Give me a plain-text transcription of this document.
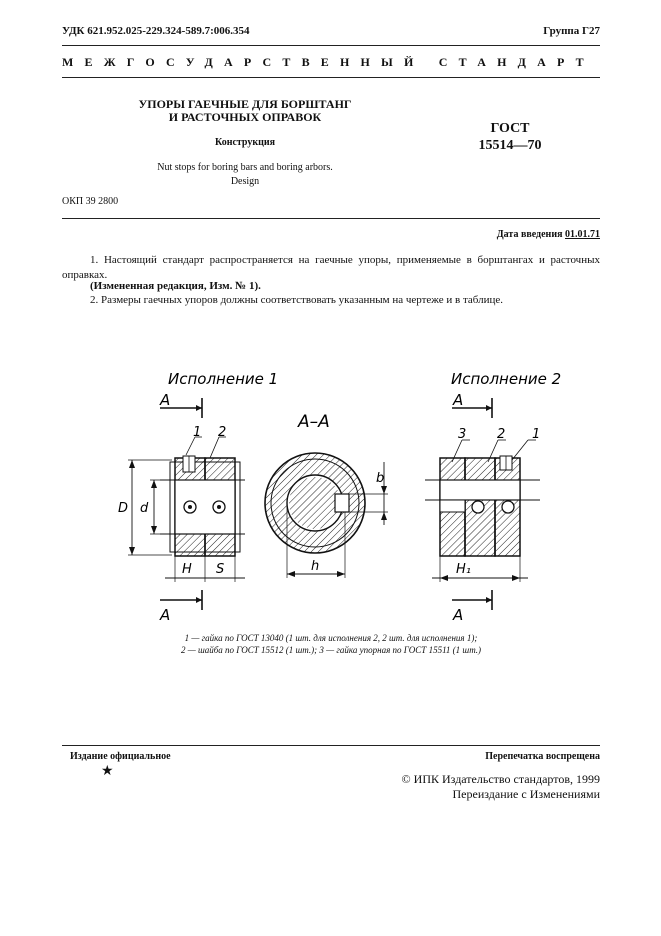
УДК 621.952.025-229.324-589.7:006.354	Группа Г27
МЕЖГОСУДАРСТВЕННЫЙ СТАНДАРТ
УПОРЫ ГАЕЧНЫЕ ДЛЯ БОРШТАНГ
И РАСТОЧНЫХ ОПРАВОК
Конструкция
Nut stops for boring bars and boring arbors.
Design
ГОСТ
15514—70
ОКП 39 2800
Дата введения 01.01.71
1. Настоящий стандарт распространяется на гаечные упоры, применяемые в борштангах и расточных оправках.
(Измененная редакция, Изм. № 1).
2. Размеры гаечных упоров должны соответствовать указанным на чертеже и в таблице.
Исполнение 1	Исполнение 2
А–А
А
А
1 2
D d
H S	h
b
А
А
3 2 1
H₁
1 — гайка по ГОСТ 13040 (1 шт. для исполнения 2, 2 шт. для исполнения 1);
2 — шайба по ГОСТ 15512 (1 шт.); 3 — гайка упорная по ГОСТ 15511 (1 шт.)
Издание официальное
★
Перепечатка воспрещена
© ИПК Издательство стандартов, 1999
Переиздание с Изменениями
